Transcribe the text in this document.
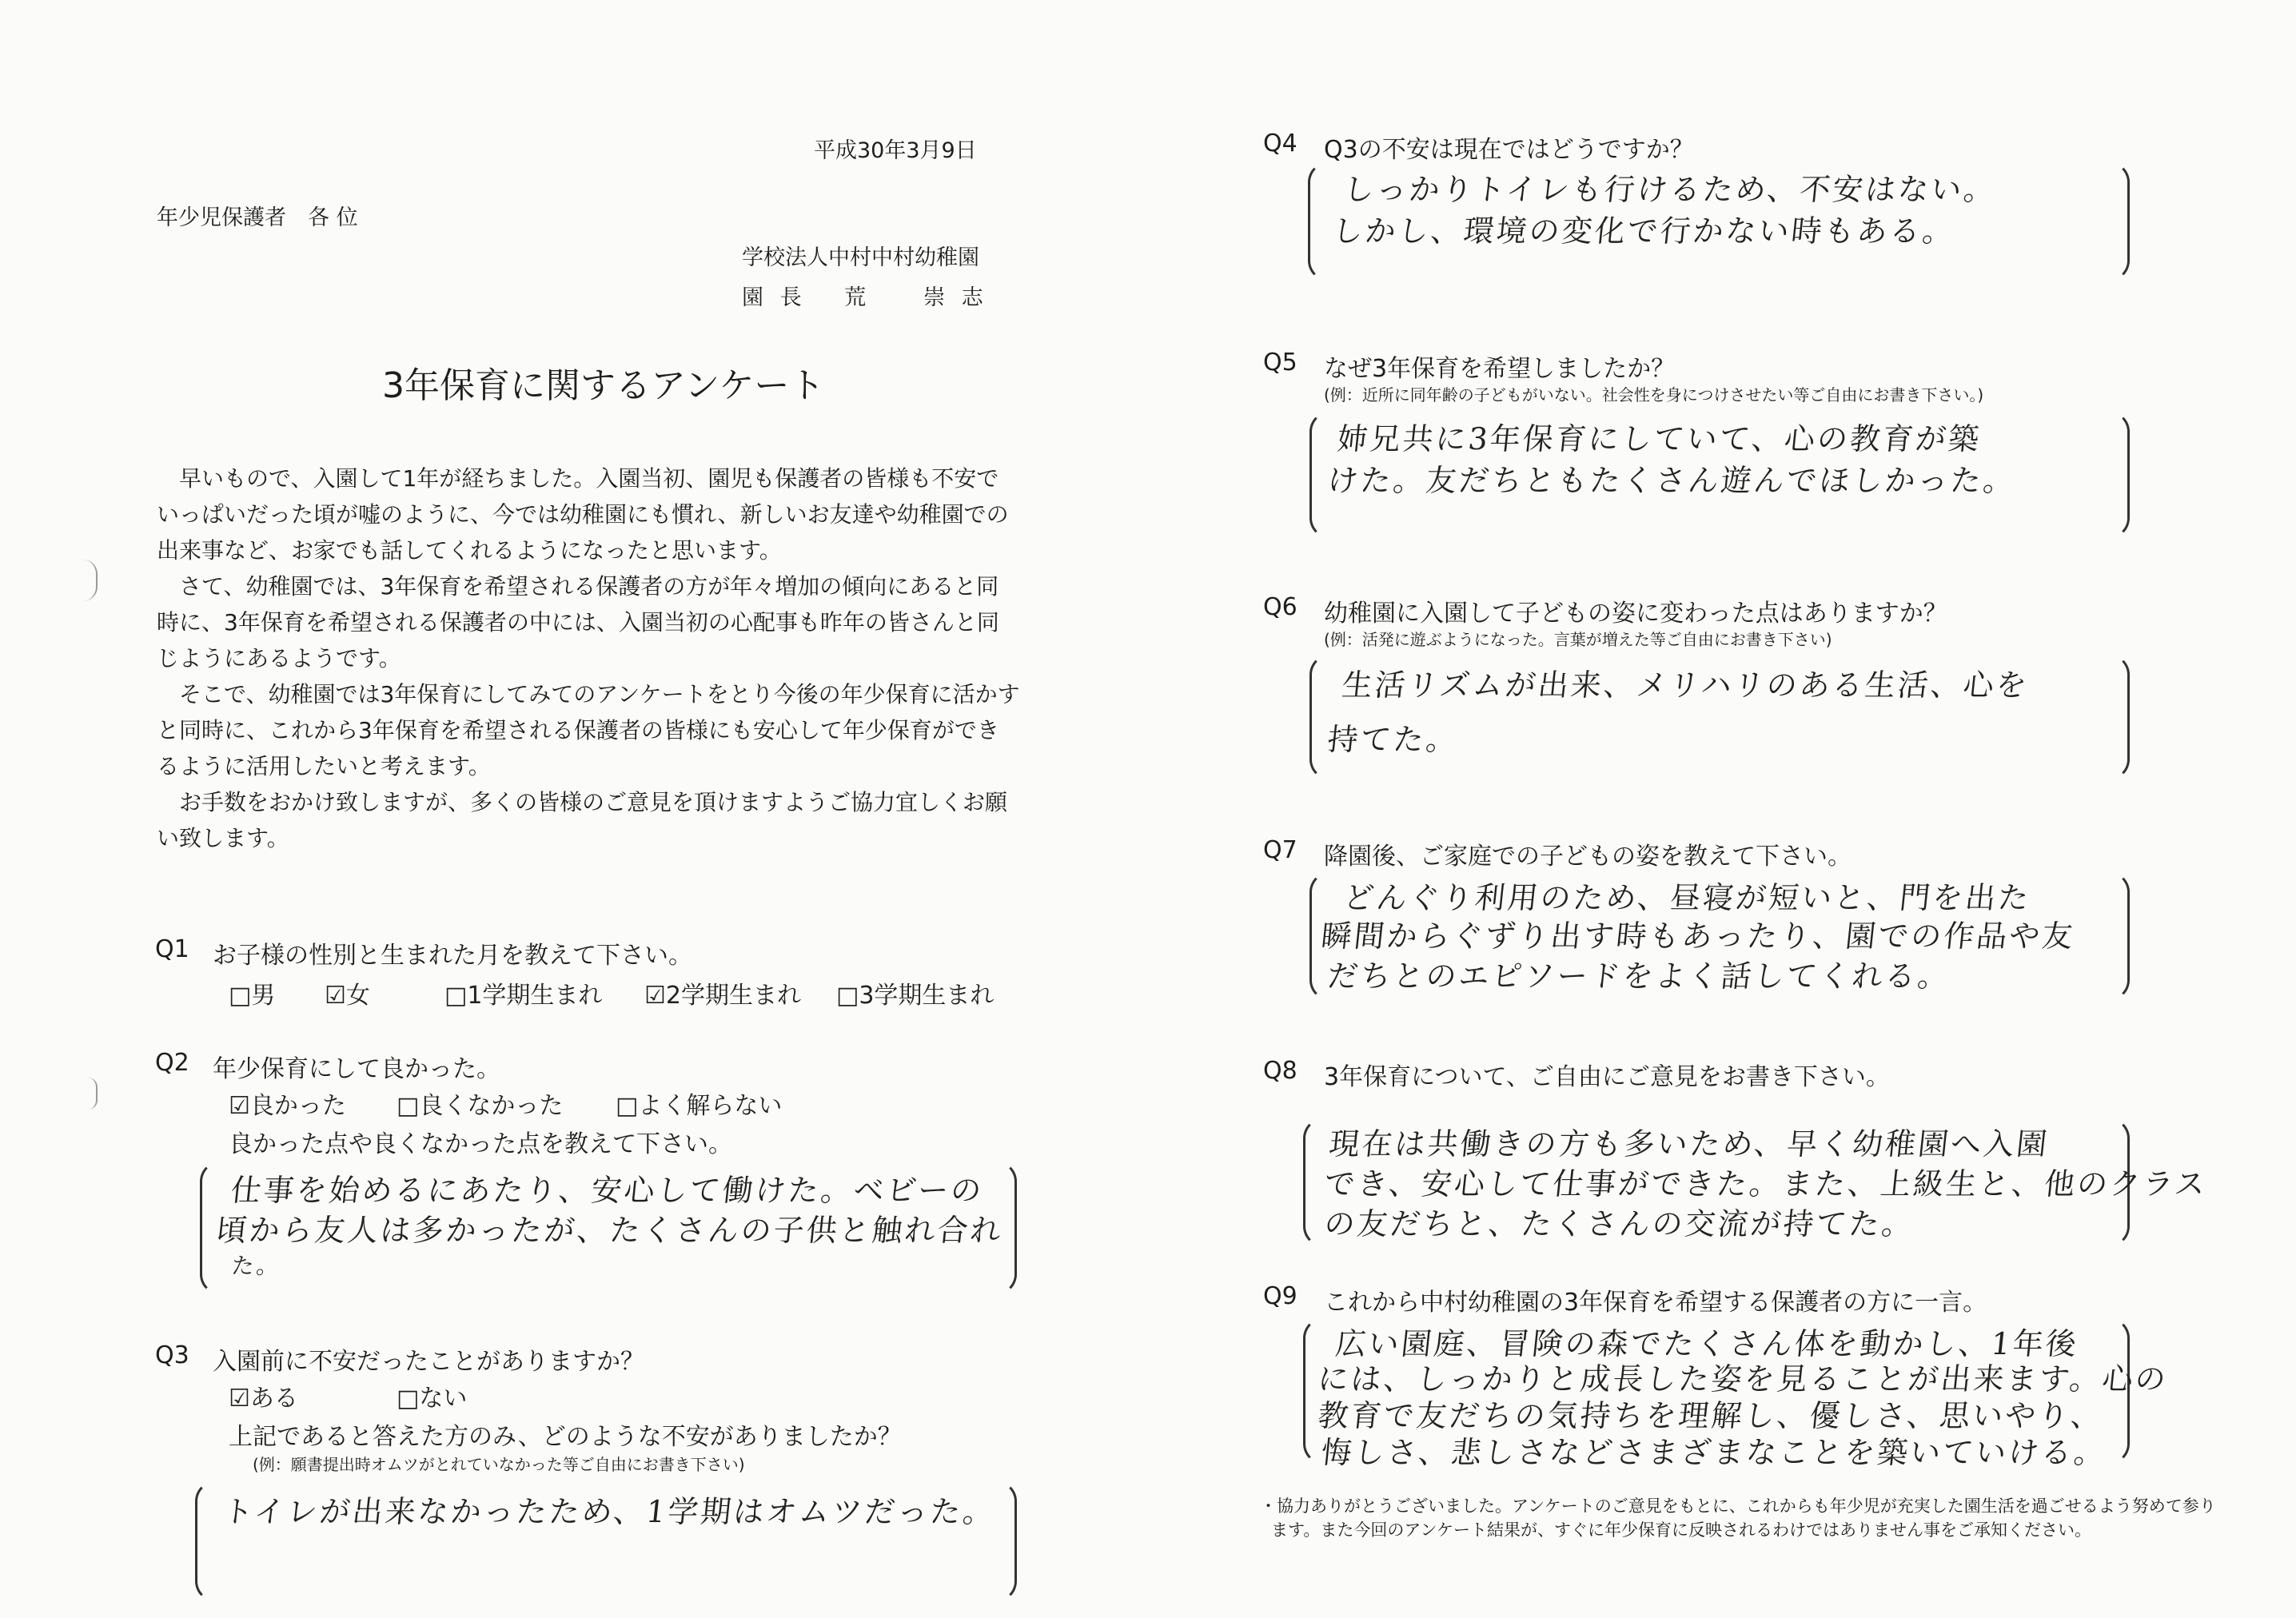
平成30年3月9日
年少児保護者　各 位
学校法人中村中村幼稚園
園 長　 荒　　崇 志
3年保育に関するアンケート
早いもので、入園して1年が経ちました。入園当初、園児も保護者の皆様も不安でいっぱいだった頃が嘘のように、今では幼稚園にも慣れ、新しいお友達や幼稚園での出来事など、お家でも話してくれるようになったと思います。
さて、幼稚園では、3年保育を希望される保護者の方が年々増加の傾向にあると同時に、3年保育を希望される保護者の中には、入園当初の心配事も昨年の皆さんと同じようにあるようです。
そこで、幼稚園では3年保育にしてみてのアンケートをとり今後の年少保育に活かすと同時に、これから3年保育を希望される保護者の皆様にも安心して年少保育ができるように活用したいと考えます。
お手数をおかけ致しますが、多くの皆様のご意見を頂けますようご協力宜しくお願い致します。
Q1 お子様の性別と生まれた月を教えて下さい。
□男 ☑女	□1学期生まれ ☑2学期生まれ □3学期生まれ
Q2 年少保育にして良かった。
☑良かった □良くなかった □よく解らない
良かった点や良くなかった点を教えて下さい。
仕事を始めるにあたり、安心して働けた。ベビーの
頃から友人は多かったが、たくさんの子供と触れ合れ
た。
Q3 入園前に不安だったことがありますか？
☑ある	□ない
上記であると答えた方のみ、どのような不安がありましたか？
(例：願書提出時オムツがとれていなかった等ご自由にお書き下さい)
トイレが出来なかったため、1学期はオムツだった。
Q4 Q3の不安は現在ではどうですか？
しっかりトイレも行けるため、不安はない。
しかし、環境の変化で行かない時もある。
Q5 なぜ3年保育を希望しましたか？
(例：近所に同年齢の子どもがいない。社会性を身につけさせたい等ご自由にお書き下さい。)
姉兄共に3年保育にしていて、心の教育が築
けた。友だちともたくさん遊んでほしかった。
Q6 幼稚園に入園して子どもの姿に変わった点はありますか？
(例：活発に遊ぶようになった。言葉が増えた等ご自由にお書き下さい)
生活リズムが出来、メリハリのある生活、心を
持てた。
Q7 降園後、ご家庭での子どもの姿を教えて下さい。
どんぐり利用のため、昼寝が短いと、門を出た
瞬間からぐずり出す時もあったり、園での作品や友
だちとのエピソードをよく話してくれる。
Q8 3年保育について、ご自由にご意見をお書き下さい。
現在は共働きの方も多いため、早く幼稚園へ入園
でき、安心して仕事ができた。また、上級生と、他のクラス
の友だちと、たくさんの交流が持てた。
Q9 これから中村幼稚園の3年保育を希望する保護者の方に一言。
広い園庭、冒険の森でたくさん体を動かし、1年後
には、しっかりと成長した姿を見ることが出来ます。心の
教育で友だちの気持ちを理解し、優しさ、思いやり、
悔しさ、悲しさなどさまざまなことを築いていける。
・協力ありがとうございました。アンケートのご意見をもとに、これからも年少児が充実した園生活を過ごせるよう努めて参り
ます。また今回のアンケート結果が、すぐに年少保育に反映されるわけではありません事をご承知ください。
